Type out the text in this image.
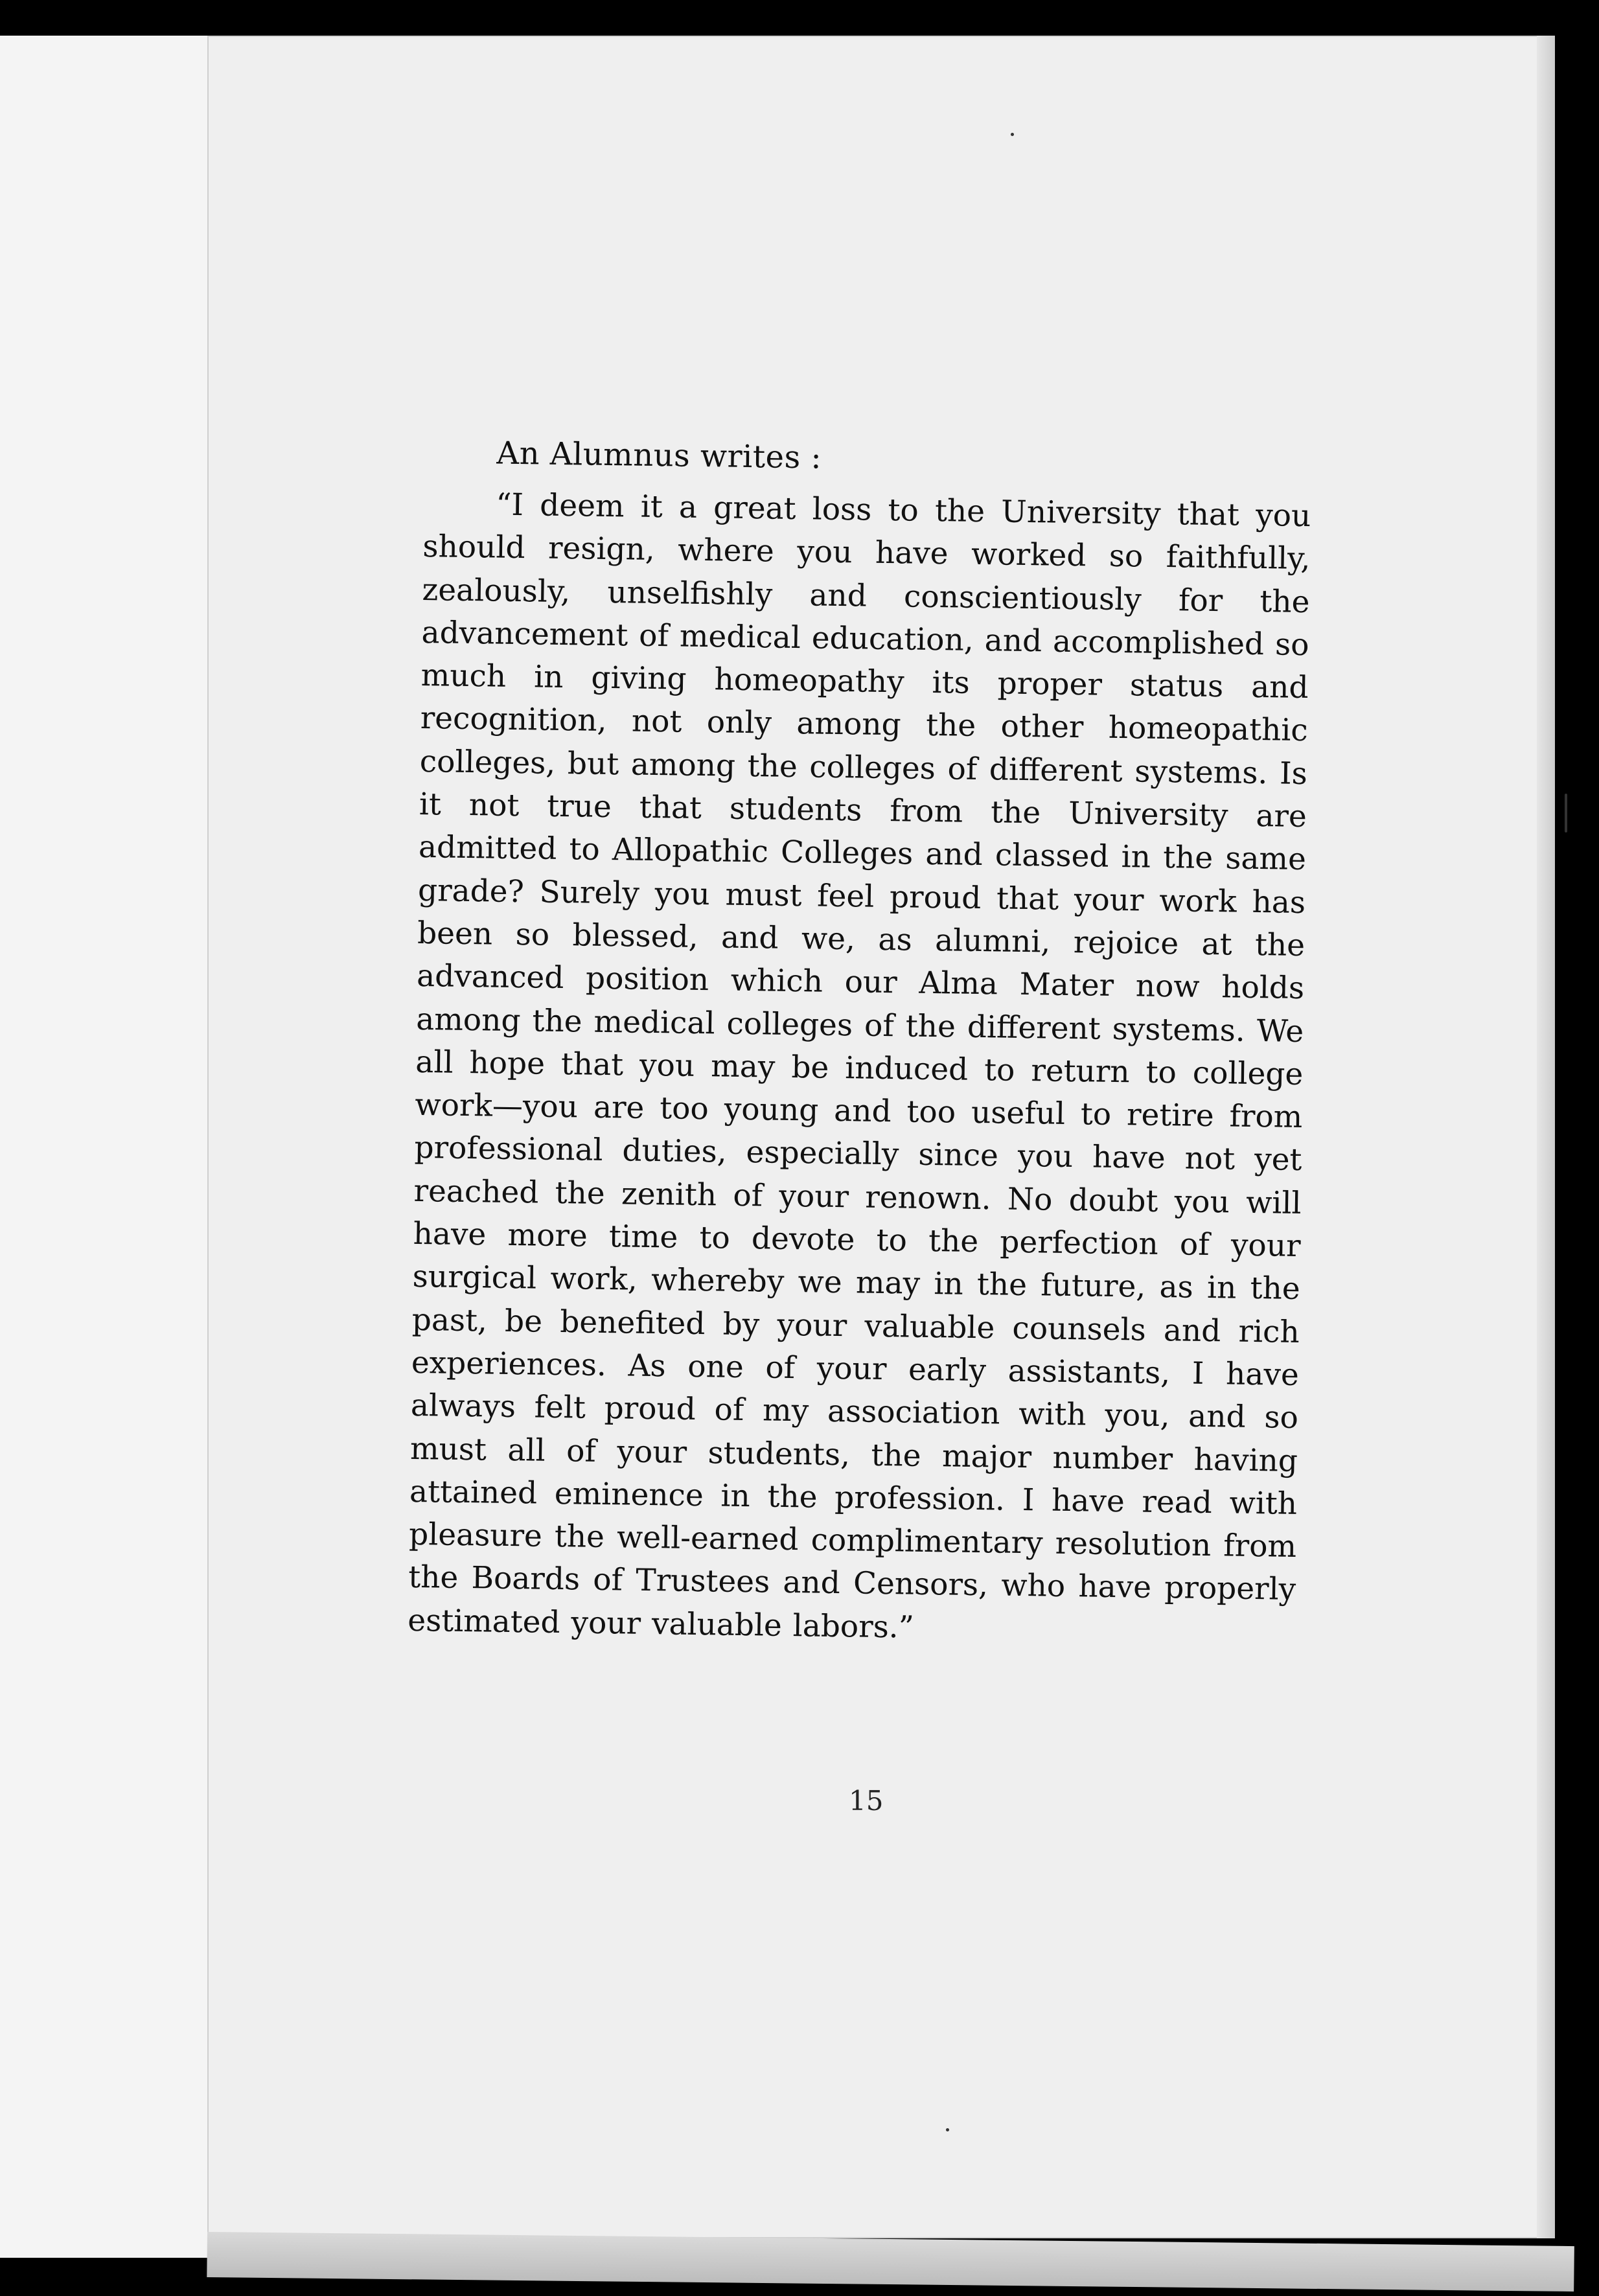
An Alumnus writes :

“I deem it a great loss to the University that you should resign, where you have worked so faithfully, zealously, unselfishly and conscientiously for the advancement of medical education, and accomplished so much in giving homeopathy its proper status and recognition, not only among the other homeopathic colleges, but among the colleges of different systems. Is it not true that students from the University are admitted to Allopathic Colleges and classed in the same grade? Surely you must feel proud that your work has been so blessed, and we, as alumni, rejoice at the advanced position which our Alma Mater now holds among the medical colleges of the different systems. We all hope that you may be induced to return to college work—you are too young and too useful to retire from professional duties, especially since you have not yet reached the zenith of your renown. No doubt you will have more time to devote to the perfection of your surgical work, whereby we may in the future, as in the past, be benefited by your valuable counsels and rich experiences. As one of your early assistants, I have always felt proud of my association with you, and so must all of your students, the major number having attained eminence in the profession. I have read with pleasure the well-earned complimentary resolution from the Boards of Trustees and Censors, who have properly estimated your valuable labors.”

15
